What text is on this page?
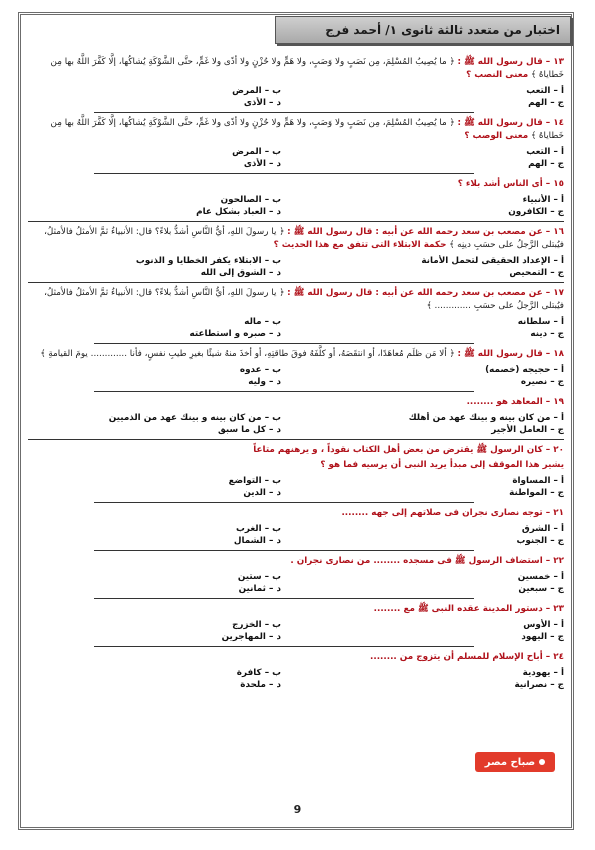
اختبار من متعدد ثالثة ثانوى ١/ أحمد فرج
١٣ – قال رسول الله ﷺ : ﴿ ما يُصِيبُ المُسْلِمَ، مِن نَصَبٍ ولا وَصَبٍ، ولا هَمٍّ ولا حُزْنٍ ولا أذًى ولا غَمٍّ، حتَّى الشَّوْكَةِ يُشاكُها، إلَّا كَفَّرَ اللَّهُ بها مِن خَطاياهُ ﴾ معنى النصب ؟
أ – التعب
ب – المرض
ج – الهم
د – الأذى
١٤ – قال رسول الله ﷺ : ﴿ ما يُصِيبُ المُسْلِمَ، مِن نَصَبٍ ولا وَصَبٍ، ولا هَمٍّ ولا حُزْنٍ ولا أذًى ولا غَمٍّ، حتَّى الشَّوْكَةِ يُشاكُها، إلَّا كَفَّرَ اللَّهُ بها مِن خَطاياهُ ﴾ معنى الوصب ؟
أ – التعب
ب – المرض
ج – الهم
د – الأذى
١٥ – أى الناس أشد بلاء ؟
أ – الأنبياء
ب – الصالحون
ج – الكافرون
د – العباد بشكل عام
١٦ – عن مصعب بن سعد رحمه الله عن أبيه : قال رسول الله ﷺ : ﴿ يا رسولَ اللهِ، أيُّ النَّاسِ أشدُّ بلاءً؟ قال: الأنبياءُ ثمَّ الأمثلُ فالأمثلُ، فيُبتلى الرَّجلُ على حسَبِ دينِه ﴾ حكمة الابتلاء التى تتفق مع هذا الحديث ؟
أ – الإعداد الحقيقى لتحمل الأمانة
ب – الابتلاء يكفر الخطايا و الذنوب
ج – التمحيص
د – الشوق إلى الله
١٧ – عن مصعب بن سعد رحمه الله عن أبيه : قال رسول الله ﷺ : ﴿ يا رسولَ اللهِ، أيُّ النَّاسِ أشدُّ بلاءً؟ قال: الأنبياءُ ثمَّ الأمثلُ فالأمثلُ، فيُبتلى الرَّجلُ على حسَبِ ............. ﴾
أ – سلطانه
ب – ماله
ج – دينه
د – صبره و استطاعته
١٨ – قال رسول الله ﷺ : ﴿ ألا مَن ظلَم مُعاهَدًا، أو انتقَصَهُ، أو كلَّفَهُ فوقَ طاقتِهِ، أو أخذَ منهُ شيئًا بغيرِ طيبِ نفسٍ، فأنا ............. يومَ القيامةِ ﴾
أ – حجيجه (خصمه)
ب – عدوه
ج – نصيره
د – وليه
١٩ – المعاهد هو ........
أ – من كان بينه و بينك عهد من أهلك
ب – من كان بينه و بينك عهد من الذميين
ج – العامل الأجير
د – كل ما سبق
٢٠ – كان الرسول ﷺ يقترض من بعض أهل الكتاب نقوداً ، و يرهنهم متاعاً
يشير هذا الموقف إلى مبدأ يريد النبى أن يرسيه فما هو ؟
أ – المساواة
ب – التواضع
ج – المواطنة
د – الدين
٢١ – توجه نصارى نجران فى صلاتهم إلى جهه ........
أ – الشرق
ب – الغرب
ج – الجنوب
د – الشمال
٢٢ – استضاف الرسول ﷺ فى مسجده ........ من نصارى نجران .
أ – خمسين
ب – ستين
ج – سبعين
د – ثمانين
٢٣ – دستور المدينة عقده النبى ﷺ مع ........
أ – الأوس
ب – الخزرج
ج – اليهود
د – المهاجرين
٢٤ – أباح الإسلام للمسلم أن يتزوج من ........
أ – يهودية
ب – كافرة
ج – نصرانية
د – ملحدة
صباح مصر
9
